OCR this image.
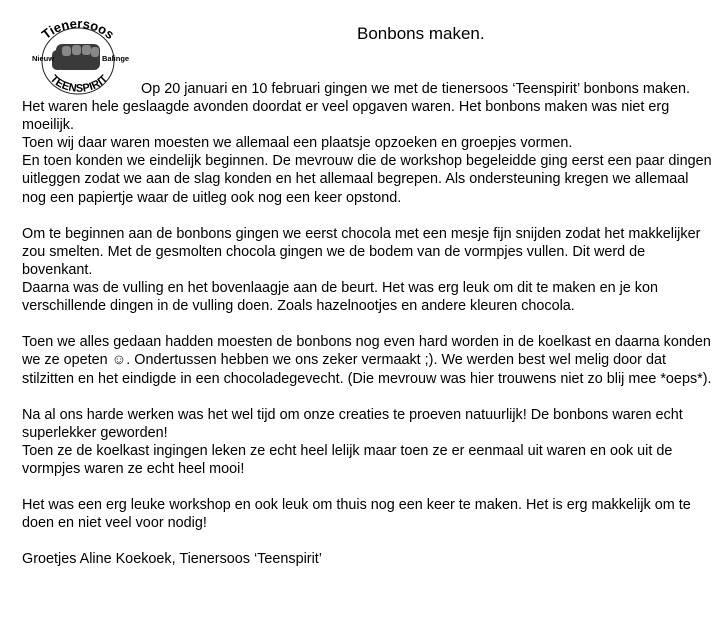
Tienersoos
Nieuw	Balinge
TEENSPIRIT
Bonbons maken.

Op 20 januari en 10 februari gingen we met de tienersoos ‘Teenspirit’ bonbons maken. Het waren hele geslaagde avonden doordat er veel opgaven waren. Het bonbons maken was niet erg moeilijk.

Toen wij daar waren moesten we allemaal een plaatsje opzoeken en groepjes vormen.

En toen konden we eindelijk beginnen. De mevrouw die de workshop begeleidde ging eerst een paar dingen uitleggen zodat we aan de slag konden en het allemaal begrepen. Als ondersteuning kregen we allemaal nog een papiertje waar de uitleg ook nog een keer opstond.

Om te beginnen aan de bonbons gingen we eerst chocola met een mesje fijn snijden zodat het makkelijker zou smelten. Met de gesmolten chocola gingen we de bodem van de vormpjes vullen. Dit werd de bovenkant.

Daarna was de vulling en het bovenlaagje aan de beurt. Het was erg leuk om dit te maken en je kon verschillende dingen in de vulling doen. Zoals hazelnootjes en andere kleuren chocola.

Toen we alles gedaan hadden moesten de bonbons nog even hard worden in de koelkast en daarna konden we ze opeten ☺. Ondertussen hebben we ons zeker vermaakt ;). We werden best wel melig door dat stilzitten en het eindigde in een chocoladegevecht. (Die mevrouw was hier trouwens niet zo blij mee *oeps*).

Na al ons harde werken was het wel tijd om onze creaties te proeven natuurlijk! De bonbons waren echt superlekker geworden!

Toen ze de koelkast ingingen leken ze echt heel lelijk maar toen ze er eenmaal uit waren en ook uit de vormpjes waren ze echt heel mooi!

Het was een erg leuke workshop en ook leuk om thuis nog een keer te maken. Het is erg makkelijk om te doen en niet veel voor nodig!

Groetjes Aline Koekoek, Tienersoos ‘Teenspirit’
